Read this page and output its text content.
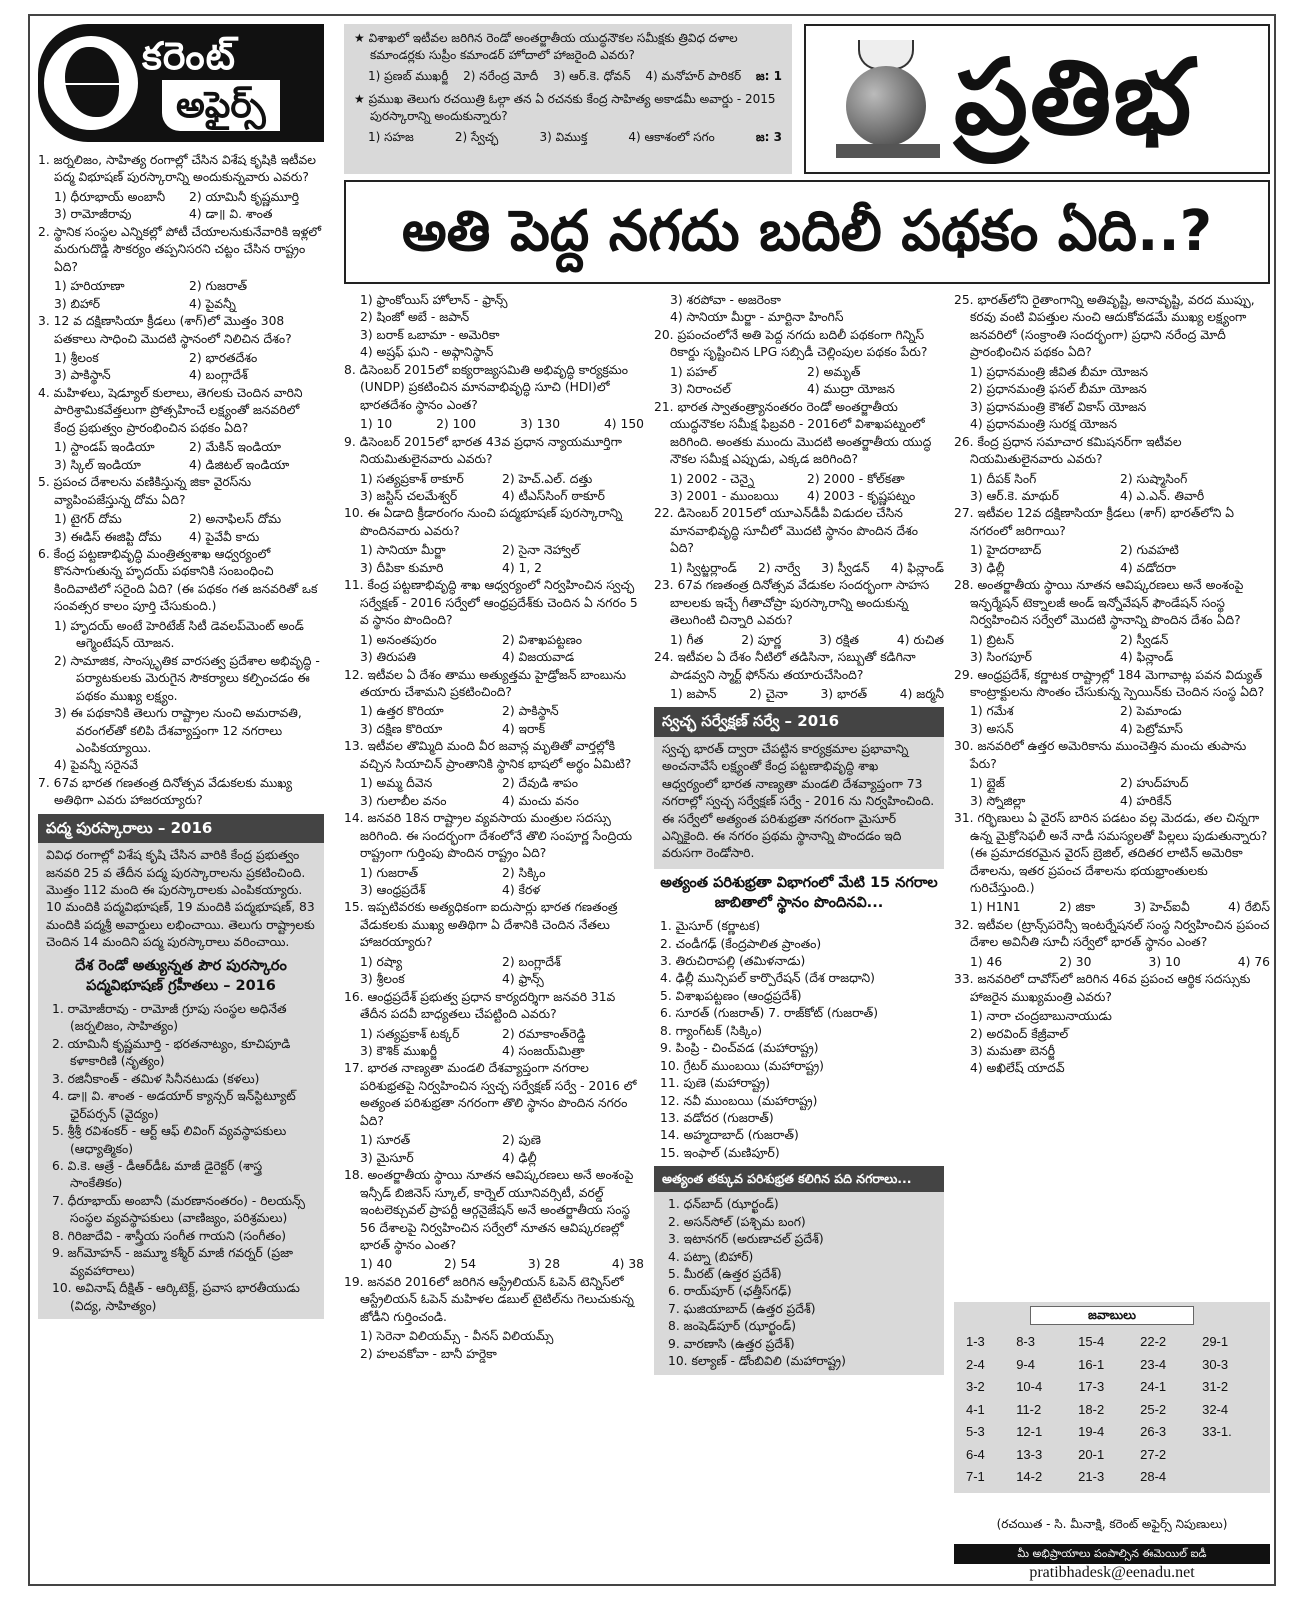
కరెంట్
అఫైర్స్
★ విశాఖలో ఇటీవల జరిగిన రెండో అంతర్జాతీయ యుద్ధనౌకల సమీక్షకు త్రివిధ దళాల కమాండర్లకు సుప్రీం కమాండర్ హోదాలో హాజరైంది ఎవరు?
1) ప్రణబ్ ముఖర్జీ 2) నరేంద్ర మోదీ 3) ఆర్.కె. ధోవన్ 4) మనోహర్ పారికర్ జ: 1
★ ప్రముఖ తెలుగు రచయిత్రి ఓల్గా తన ఏ రచనకు కేంద్ర సాహిత్య అకాడమీ అవార్డు - 2015 పురస్కారాన్ని అందుకున్నారు?
1) సహజ	2) స్వేచ్ఛ	3) విముక్త	4) ఆకాశంలో సగం	జ: 3 ప్రతిభ
అతి పెద్ద నగదు బదిలీ పథకం ఏది..?

1. జర్నలిజం, సాహిత్య రంగాల్లో చేసిన విశేష కృషికి ఇటీవల పద్మ విభూషణ్ పురస్కారాన్ని అందుకున్నవారు ఎవరు?

1) ధీరూభాయ్ అంబానీ	2) యామినీ కృష్ణమూర్తి
3) రామోజీరావు	4) డా॥ వి. శాంత

2. స్థానిక సంస్థల ఎన్నికల్లో పోటీ చేయాలనుకునేవారికి ఇళ్లలో మరుగుదొడ్డి సౌకర్యం తప్పనిసరని చట్టం చేసిన రాష్ట్రం ఏది?

1) హరియాణా	2) గుజరాత్
3) బిహార్	4) పైవన్నీ

3. 12 వ దక్షిణాసియా క్రీడలు (శాగ్)లో మొత్తం 308 పతకాలు సాధించి మొదటి స్థానంలో నిలిచిన దేశం?

1) శ్రీలంక	2) భారతదేశం
3) పాకిస్థాన్	4) బంగ్లాదేశ్

4. మహిళలు, షెడ్యూల్ కులాలు, తెగలకు చెందిన వారిని పారిశ్రామికవేత్తలుగా ప్రోత్సహించే లక్ష్యంతో జనవరిలో కేంద్ర ప్రభుత్వం ప్రారంభించిన పథకం ఏది?

1) స్టాండప్ ఇండియా	2) మేకిన్ ఇండియా
3) స్కిల్ ఇండియా	4) డిజిటల్ ఇండియా

5. ప్రపంచ దేశాలను వణికిస్తున్న జికా వైరస్‌ను వ్యాపింపజేస్తున్న దోమ ఏది?

1) టైగర్ దోమ	2) అనాఫిలస్ దోమ
3) ఈడిస్ ఈజిప్టి దోమ	4) పైవేవీ కాదు

6. కేంద్ర పట్టణాభివృద్ధి మంత్రిత్వశాఖ ఆధ్వర్యంలో కొనసాగుతున్న హృదయ్ పథకానికి సంబంధించి కిందివాటిలో సరైంది ఏది? (ఈ పథకం గత జనవరితో ఒక సంవత్సర కాలం పూర్తి చేసుకుంది.)

1) హృదయ్ అంటే హెరిటేజ్ సిటీ డెవలప్‌మెంట్ అండ్ ఆగ్మెంటేషన్ యోజన.
2) సామాజిక, సాంస్కృతిక వారసత్వ ప్రదేశాల అభివృద్ధి - పర్యాటకులకు మెరుగైన సౌకర్యాలు కల్పించడం ఈ పథకం ముఖ్య లక్ష్యం.
3) ఈ పథకానికి తెలుగు రాష్ట్రాల నుంచి అమరావతి, వరంగల్‌తో కలిపి దేశవ్యాప్తంగా 12 నగరాలు ఎంపికయ్యాయి.
4) పైవన్నీ సరైనవే

7. 67వ భారత గణతంత్ర దినోత్సవ వేడుకలకు ముఖ్య అతిథిగా ఎవరు హాజరయ్యారు?

పద్మ పురస్కారాలు – 2016

వివిధ రంగాల్లో విశేష కృషి చేసిన వారికి కేంద్ర ప్రభుత్వం జనవరి 25 వ తేదీన పద్మ పురస్కారాలను ప్రకటించింది. మొత్తం 112 మంది ఈ పురస్కారాలకు ఎంపికయ్యారు. 10 మందికి పద్మవిభూషణ్, 19 మందికి పద్మభూషణ్, 83 మందికి పద్మశ్రీ అవార్డులు లభించాయి. తెలుగు రాష్ట్రాలకు చెందిన 14 మందిని పద్మ పురస్కారాలు వరించాయి.

దేశ రెండో అత్యున్నత పౌర పురస్కారం పద్మవిభూషణ్ గ్రహీతలు – 2016
1. రామోజీరావు - రామోజీ గ్రూపు సంస్థల అధినేత (జర్నలిజం, సాహిత్యం)
2. యామినీ కృష్ణమూర్తి - భరతనాట్యం, కూచిపూడి కళాకారిణి (నృత్యం)
3. రజినీకాంత్ - తమిళ సినీనటుడు (కళలు)
4. డా॥ వి. శాంత - అడయార్ క్యాన్సర్ ఇన్‌స్టిట్యూట్ ఛైర్‌పర్సన్ (వైద్యం)
5. శ్రీశ్రీ రవిశంకర్ - ఆర్ట్ ఆఫ్ లివింగ్ వ్యవస్థాపకులు (ఆధ్యాత్మికం)
6. వి.కె. ఆత్రే - డీఆర్‌డీఓ మాజీ డైరెక్టర్ (శాస్త్ర సాంకేతికం)
7. ధీరూభాయ్ అంబానీ (మరణానంతరం) - రిలయన్స్ సంస్థల వ్యవస్థాపకులు (వాణిజ్యం, పరిశ్రమలు)
8. గిరిజాదేవి - శాస్త్రీయ సంగీత గాయని (సంగీతం)
9. జగ్‌మోహన్ - జమ్మూ కశ్మీర్ మాజీ గవర్నర్ (ప్రజా వ్యవహారాలు)
10. అవినాష్ దీక్షిత్ - ఆర్కిటెక్ట్, ప్రవాస భారతీయుడు (విద్య, సాహిత్యం)
1) ఫ్రాంకోయిస్ హోలాన్ - ఫ్రాన్స్
2) షింజో అబే - జపాన్
3) బరాక్ ఒబామా - అమెరికా
4) అష్రఫ్ ఘని - అఫ్గానిస్థాన్

8. డిసెంబర్ 2015లో ఐక్యరాజ్యసమితి అభివృద్ధి కార్యక్రమం (UNDP) ప్రకటించిన మానవాభివృద్ధి సూచి (HDI)లో భారతదేశం స్థానం ఎంత?

1) 10	2) 100	3) 130	4) 150

9. డిసెంబర్ 2015లో భారత 43వ ప్రధాన న్యాయమూర్తిగా నియమితులైనవారు ఎవరు?

1) సత్యప్రకాశ్ ఠాకూర్	2) హెచ్.ఎల్. దత్తు
3) జస్టిస్ చలమేశ్వర్	4) టీఎస్‌సింగ్ ఠాకూర్

10. ఈ ఏడాది క్రీడారంగం నుంచి పద్మభూషణ్ పురస్కారాన్ని పొందినవారు ఎవరు?

1) సానియా మీర్జా	2) సైనా నెహ్వాల్
3) దీపికా కుమారి	4) 1, 2

11. కేంద్ర పట్టణాభివృద్ధి శాఖ ఆధ్వర్యంలో నిర్వహించిన స్వచ్ఛ సర్వేక్షణ్ - 2016 సర్వేలో ఆంధ్రప్రదేశ్‌కు చెందిన ఏ నగరం 5 వ స్థానం పొందింది?

1) అనంతపురం	2) విశాఖపట్టణం
3) తిరుపతి	4) విజయవాడ

12. ఇటీవల ఏ దేశం తాము అత్యుత్తమ హైడ్రోజన్ బాంబును తయారు చేశామని ప్రకటించింది?

1) ఉత్తర కొరియా	2) పాకిస్థాన్
3) దక్షిణ కొరియా	4) ఇరాక్

13. ఇటీవల తొమ్మిది మంది వీర జవాన్ల మృతితో వార్తల్లోకి వచ్చిన సియాచిన్ ప్రాంతానికి స్థానిక భాషలో అర్థం ఏమిటి?

1) అమ్మ దీవెన	2) దేవుడి శాపం
3) గులాబీల వనం	4) మంచు వనం

14. జనవరి 18న రాష్ట్రాల వ్యవసాయ మంత్రుల సదస్సు జరిగింది. ఈ సందర్భంగా దేశంలోనే తొలి సంపూర్ణ సేంద్రియ రాష్ట్రంగా గుర్తింపు పొందిన రాష్ట్రం ఏది?

1) గుజరాత్	2) సిక్కిం
3) ఆంధ్రప్రదేశ్	4) కేరళ

15. ఇప్పటివరకు అత్యధికంగా ఐదుసార్లు భారత గణతంత్ర వేడుకలకు ముఖ్య అతిథిగా ఏ దేశానికి చెందిన నేతలు హాజరయ్యారు?

1) రష్యా	2) బంగ్లాదేశ్
3) శ్రీలంక	4) ఫ్రాన్స్

16. ఆంధ్రప్రదేశ్ ప్రభుత్వ ప్రధాన కార్యదర్శిగా జనవరి 31వ తేదీన పదవీ బాధ్యతలు చేపట్టింది ఎవరు?

1) సత్యప్రకాశ్ టక్కర్	2) రమాకాంత్‌రెడ్డి
3) కౌశిక్ ముఖర్జీ	4) సంజయ్‌మిత్రా

17. భారత నాణ్యతా మండలి దేశవ్యాప్తంగా నగరాల పరిశుభ్రతపై నిర్వహించిన స్వచ్ఛ సర్వేక్షణ్ సర్వే - 2016 లో అత్యంత పరిశుభ్రతా నగరంగా తొలి స్థానం పొందిన నగరం ఏది?

1) సూరత్	2) పుణె
3) మైసూర్	4) ఢిల్లీ

18. అంతర్జాతీయ స్థాయి నూతన ఆవిష్కరణలు అనే అంశంపై ఇన్సీడ్ బిజినెస్ స్కూల్, కార్నెల్ యూనివర్సిటీ, వరల్డ్ ఇంటలెక్చువల్ ప్రాపర్టీ ఆర్గనైజేషన్ అనే అంతర్జాతీయ సంస్థ 56 దేశాలపై నిర్వహించిన సర్వేలో నూతన ఆవిష్కరణల్లో భారత్ స్థానం ఎంత?

1) 40	2) 54	3) 28	4) 38

19. జనవరి 2016లో జరిగిన ఆస్ట్రేలియన్ ఓపెన్ టెన్నిస్‌లో ఆస్ట్రేలియన్ ఓపెన్ మహిళల డబుల్ టైటిల్‌ను గెలుచుకున్న జోడీని గుర్తించండి.

1) సెరెనా విలియమ్స్ - వీనస్ విలియమ్స్
2) హలవకోవా - బానీ హర్డెకా
3) శరపోవా - అజరెంకా
4) సానియా మీర్జా - మార్టినా హింగిస్

20. ప్రపంచంలోనే అతి పెద్ద నగదు బదిలీ పథకంగా గిన్నిస్ రికార్డు సృష్టించిన LPG సబ్సిడీ చెల్లింపుల పథకం పేరు?

1) పహల్	2) అమృత్
3) నిరాంచల్	4) ముద్రా యోజన

21. భారత స్వాతంత్ర్యానంతరం రెండో అంతర్జాతీయ యుద్ధనౌకల సమీక్ష ఫిబ్రవరి - 2016లో విశాఖపట్నంలో జరిగింది. అంతకు ముందు మొదటి అంతర్జాతీయ యుద్ధ నౌకల సమీక్ష ఎప్పుడు, ఎక్కడ జరిగింది?

1) 2002 - చెన్నై	2) 2000 - కోల్‌కతా
3) 2001 - ముంబయి	4) 2003 - కృష్ణపట్నం

22. డిసెంబర్ 2015లో యూఎన్‌డీపీ విడుదల చేసిన మానవాభివృద్ధి సూచీలో మొదటి స్థానం పొందిన దేశం ఏది?

1) స్విట్జర్లాండ్ 2) నార్వే 3) స్వీడన్ 4) ఫిన్లాండ్

23. 67వ గణతంత్ర దినోత్సవ వేడుకల సందర్భంగా సాహస బాలలకు ఇచ్చే గీతాచోప్రా పురస్కారాన్ని అందుకున్న తెలుగింటి చిన్నారి ఎవరు?

1) గీత	2) పూర్ణ	3) రక్షిత	4) రుచిత

24. ఇటీవల ఏ దేశం నీటిలో తడిసినా, సబ్బుతో కడిగినా పాడవ్వని స్మార్ట్ ఫోన్‌ను తయారుచేసింది?

1) జపాన్	2) చైనా	3) భారత్	4) జర్మనీ
స్వచ్ఛ సర్వేక్షణ్ సర్వే – 2016

స్వచ్ఛ భారత్ ద్వారా చేపట్టిన కార్యక్రమాల ప్రభావాన్ని అంచనావేసే లక్ష్యంతో కేంద్ర పట్టణాభివృద్ధి శాఖ ఆధ్వర్యంలో భారత నాణ్యతా మండలి దేశవ్యాప్తంగా 73 నగరాల్లో స్వచ్ఛ సర్వేక్షణ్ సర్వే - 2016 ను నిర్వహించింది. ఈ సర్వేలో అత్యంత పరిశుభ్రతా నగరంగా మైసూర్ ఎన్నికైంది. ఈ నగరం ప్రథమ స్థానాన్ని పొందడం ఇది వరుసగా రెండోసారి.

అత్యంత పరిశుభ్రతా విభాగంలో మేటి 15 నగరాల జాబితాలో స్థానం పొందినవి...
1. మైసూర్ (కర్ణాటక)
2. చండీగఢ్ (కేంద్రపాలిత ప్రాంతం)
3. తిరుచిరాపల్లి (తమిళనాడు)
4. ఢిల్లీ మున్సిపల్ కార్పొరేషన్ (దేశ రాజధాని)
5. విశాఖపట్టణం (ఆంధ్రప్రదేశ్)
6. సూరత్ (గుజరాత్) 7. రాజ్‌కోట్ (గుజరాత్)
8. గ్యాంగ్‌టక్ (సిక్కిం)
9. పింప్రి - చించ్‌వడ (మహారాష్ట్ర)
10. గ్రేటర్ ముంబయి (మహారాష్ట్ర)
11. పుణె (మహారాష్ట్ర)
12. నవీ ముంబయి (మహారాష్ట్ర)
13. వడోదర (గుజరాత్)
14. అహ్మదాబాద్ (గుజరాత్)
15. ఇంఫాల్ (మణిపూర్)
అత్యంత తక్కువ పరిశుభ్రత కలిగిన పది నగరాలు...
1. ధన్‌బాద్ (ఝార్ఖండ్)
2. అసన్‌సోల్ (పశ్చిమ బంగ)
3. ఇటానగర్ (అరుణాచల్ ప్రదేశ్)
4. పట్నా (బిహార్)
5. మీరట్ (ఉత్తర ప్రదేశ్)
6. రాయ్‌పూర్ (ఛత్తీస్‌గఢ్)
7. ఘజియాబాద్ (ఉత్తర ప్రదేశ్)
8. జంషెడ్‌పూర్ (ఝార్ఖండ్)
9. వారణాసి (ఉత్తర ప్రదేశ్)
10. కల్యాణ్ - డోంబివిలి (మహారాష్ట్ర)

25. భారత్‌లోని రైతాంగాన్ని అతివృష్టి, అనావృష్టి, వరద ముప్పు, కరవు వంటి విపత్తుల నుంచి ఆదుకోవడమే ముఖ్య లక్ష్యంగా జనవరిలో (సంక్రాంతి సందర్భంగా) ప్రధాని నరేంద్ర మోదీ ప్రారంభించిన పథకం ఏది?

1) ప్రధానమంత్రి జీవిత బీమా యోజన
2) ప్రధానమంత్రి ఫసల్ బీమా యోజన
3) ప్రధానమంత్రి కౌశల్ వికాస్ యోజన
4) ప్రధానమంత్రి సురక్ష యోజన

26. కేంద్ర ప్రధాన సమాచార కమిషనర్‌గా ఇటీవల నియమితులైనవారు ఎవరు?

1) దీపక్ సింగ్	2) సుష్మాసింగ్
3) ఆర్.కె. మాథుర్	4) ఎ.ఎన్. తివారీ

27. ఇటీవల 12వ దక్షిణాసియా క్రీడలు (శాగ్) భారత్‌లోని ఏ నగరంలో జరిగాయి?

1) హైదరాబాద్	2) గువహటి
3) ఢిల్లీ	4) వడోదరా

28. అంతర్జాతీయ స్థాయి నూతన ఆవిష్కరణలు అనే అంశంపై ఇన్ఫర్మేషన్ టెక్నాలజీ అండ్ ఇన్నోవేషన్ ఫౌండేషన్ సంస్థ నిర్వహించిన సర్వేలో మొదటి స్థానాన్ని పొందిన దేశం ఏది?

1) బ్రిటన్	2) స్వీడన్
3) సింగపూర్	4) ఫిన్లాండ్

29. ఆంధ్రప్రదేశ్, కర్ణాటక రాష్ట్రాల్లో 184 మెగావాట్ల పవన విద్యుత్ కాంట్రాక్టులను సొంతం చేసుకున్న స్పెయిన్‌కు చెందిన సంస్థ ఏది?

1) గమేశ	2) పెమాండు
3) అసన్	4) పెట్రోమాస్

30. జనవరిలో ఉత్తర అమెరికాను ముంచెత్తిన మంచు తుపాను పేరు?

1) బ్లైజ్	2) హుద్‌హుద్
3) స్నోజిల్లా	4) హరికేన్

31. గర్భిణులు ఏ వైరస్ బారిన పడటం వల్ల మెదడు, తల చిన్నగా ఉన్న మైక్రోసెఫలీ అనే నాడీ సమస్యలతో పిల్లలు పుడుతున్నారు? (ఈ ప్రమాదకరమైన వైరస్ బ్రెజిల్, తదితర లాటిన్ అమెరికా దేశాలను, ఇతర ప్రపంచ దేశాలను భయభ్రాంతులకు గురిచేస్తుంది.)

1) H1N1	2) జికా	3) హెచ్‌ఐవీ	4) రేబిస్

32. ఇటీవల (ట్రాన్స్‌పరెన్సీ ఇంటర్నేషనల్ సంస్థ నిర్వహించిన ప్రపంచ దేశాల అవినీతి సూచీ సర్వేలో భారత్ స్థానం ఎంత?

1) 46	2) 30	3) 10	4) 76

33. జనవరిలో దావోస్‌లో జరిగిన 46వ ప్రపంచ ఆర్థిక సదస్సుకు హాజరైన ముఖ్యమంత్రి ఎవరు?

1) నారా చంద్రబాబునాయుడు
2) అరవింద్ కేజ్రీవాల్
3) మమతా బెనర్జీ
4) అఖిలేష్ యాదవ్
జవాబులు
1-3	8-3	15-4	22-2	29-1
2-4	9-4	16-1	23-4	30-3
3-2	10-4	17-3	24-1	31-2
4-1	11-2	18-2	25-2	32-4
5-3	12-1	19-4	26-3	33-1.
6-4	13-3	20-1	27-2	
7-1	14-2	21-3	28-4	
(రచయిత - సి. మీనాక్షి, కరెంట్ అఫైర్స్ నిపుణులు)
మీ అభిప్రాయాలు పంపాల్సిన ఈమెయిల్ ఐడీ
pratibhadesk@eenadu.net
